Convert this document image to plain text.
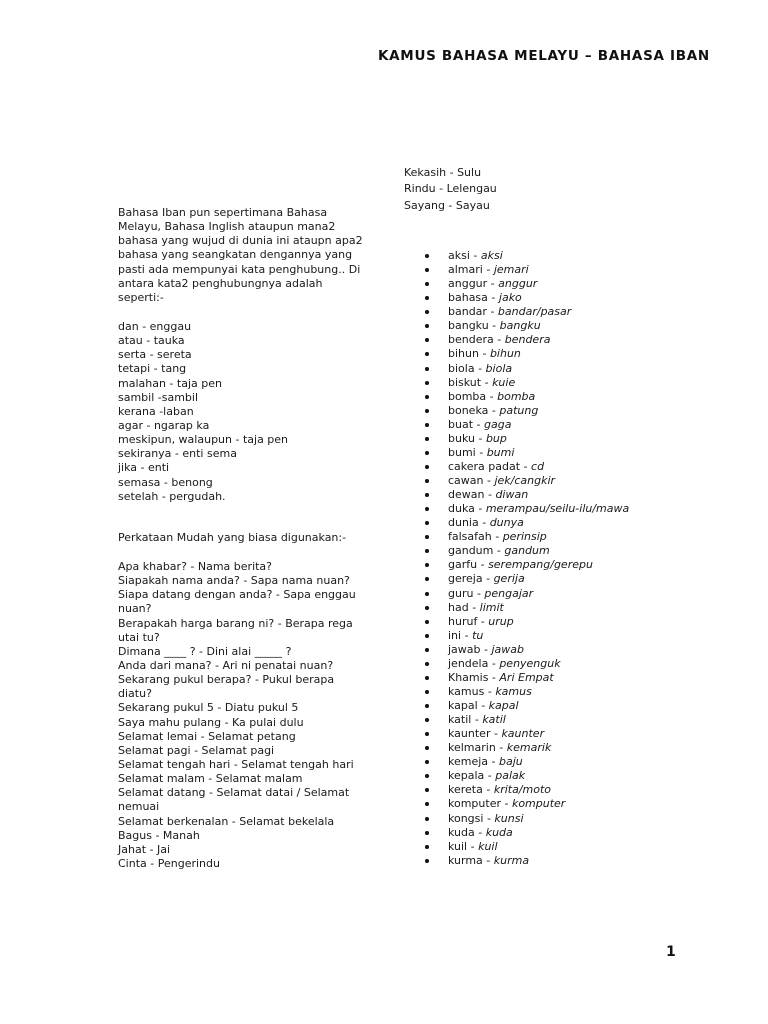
KAMUS BAHASA MELAYU – BAHASA IBAN
Kekasih - Sulu
Rindu - Lelengau
Sayang - Sayau
Bahasa Iban pun sepertimana Bahasa
Melayu, Bahasa Inglish ataupun mana2
bahasa yang wujud di dunia ini ataupn apa2
bahasa yang seangkatan dengannya yang
pasti ada mempunyai kata penghubung.. Di
antara kata2 penghubungnya adalah
seperti:-
dan - enggau
atau - tauka
serta - sereta
tetapi - tang
malahan - taja pen
sambil -sambil
kerana -laban
agar - ngarap ka
meskipun, walaupun - taja pen
sekiranya - enti sema
jika - enti
semasa - benong
setelah - pergudah.
Perkataan Mudah yang biasa digunakan:-
Apa khabar? - Nama berita?
Siapakah nama anda? - Sapa nama nuan?
Siapa datang dengan anda? - Sapa enggau
nuan?
Berapakah harga barang ni? - Berapa rega
utai tu?
Dimana ____ ? - Dini alai _____ ?
Anda dari mana? - Ari ni penatai nuan?
Sekarang pukul berapa? - Pukul berapa
diatu?
Sekarang pukul 5 - Diatu pukul 5
Saya mahu pulang - Ka pulai dulu
Selamat lemai - Selamat petang
Selamat pagi - Selamat pagi
Selamat tengah hari - Selamat tengah hari
Selamat malam - Selamat malam
Selamat datang - Selamat datai / Selamat
nemuai
Selamat berkenalan - Selamat bekelala
Bagus - Manah
Jahat - Jai
Cinta - Pengerindu
aksi - aksi
almari - jemari
anggur - anggur
bahasa - jako
bandar - bandar/pasar
bangku - bangku
bendera - bendera
bihun - bihun
biola - biola
biskut - kuie
bomba - bomba
boneka - patung
buat - gaga
buku - bup
bumi - bumi
cakera padat - cd
cawan - jek/cangkir
dewan - diwan
duka - merampau/seilu-ilu/mawa
dunia - dunya
falsafah - perinsip
gandum - gandum
garfu - serempang/gerepu
gereja - gerija
guru - pengajar
had - limit
huruf - urup
ini - tu
jawab - jawab
jendela - penyenguk
Khamis - Ari Empat
kamus - kamus
kapal - kapal
katil - katil
kaunter - kaunter
kelmarin - kemarik
kemeja - baju
kepala - palak
kereta - krita/moto
komputer - komputer
kongsi - kunsi
kuda - kuda
kuil - kuil
kurma - kurma
1
